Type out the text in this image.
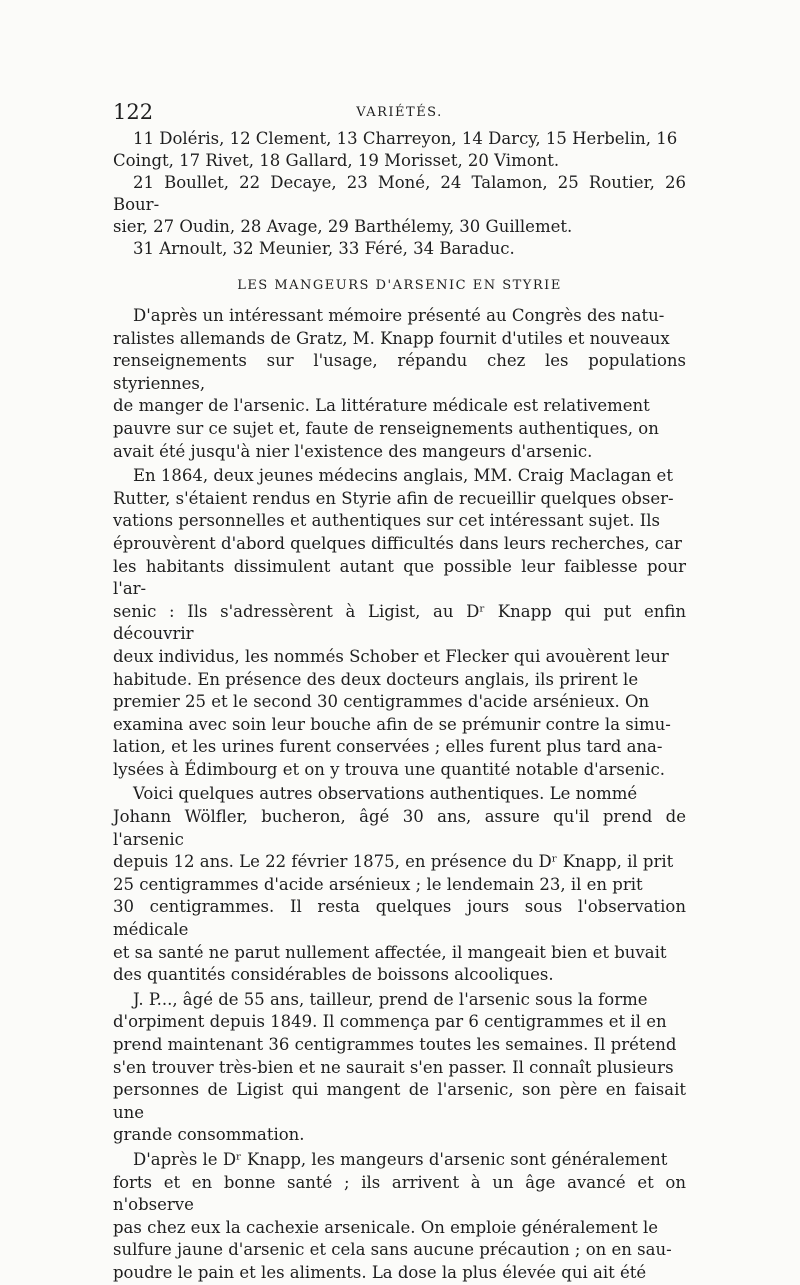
122	VARIÉTÉS.
11 Doléris, 12 Clement, 13 Charreyon, 14 Darcy, 15 Herbelin, 16
Coingt, 17 Rivet, 18 Gallard, 19 Morisset, 20 Vimont.
21 Boullet, 22 Decaye, 23 Moné, 24 Talamon, 25 Routier, 26 Bour-
sier, 27 Oudin, 28 Avage, 29 Barthélemy, 30 Guillemet.
31 Arnoult, 32 Meunier, 33 Féré, 34 Baraduc.
LES MANGEURS D'ARSENIC EN STYRIE

D'après un intéressant mémoire présenté au Congrès des natu-
ralistes allemands de Gratz, M. Knapp fournit d'utiles et nouveaux
renseignements sur l'usage, répandu chez les populations styriennes,
de manger de l'arsenic. La littérature médicale est relativement
pauvre sur ce sujet et, faute de renseignements authentiques, on
avait été jusqu'à nier l'existence des mangeurs d'arsenic.

En 1864, deux jeunes médecins anglais, MM. Craig Maclagan et
Rutter, s'étaient rendus en Styrie afin de recueillir quelques obser-
vations personnelles et authentiques sur cet intéressant sujet. Ils
éprouvèrent d'abord quelques difficultés dans leurs recherches, car
les habitants dissimulent autant que possible leur faiblesse pour l'ar-
senic : Ils s'adressèrent à Ligist, au Dʳ Knapp qui put enfin découvrir
deux individus, les nommés Schober et Flecker qui avouèrent leur
habitude. En présence des deux docteurs anglais, ils prirent le
premier 25 et le second 30 centigrammes d'acide arsénieux. On
examina avec soin leur bouche afin de se prémunir contre la simu-
lation, et les urines furent conservées ; elles furent plus tard ana-
lysées à Édimbourg et on y trouva une quantité notable d'arsenic.

Voici quelques autres observations authentiques. Le nommé
Johann Wölfler, bucheron, âgé 30 ans, assure qu'il prend de l'arsenic
depuis 12 ans. Le 22 février 1875, en présence du Dʳ Knapp, il prit
25 centigrammes d'acide arsénieux ; le lendemain 23, il en prit
30 centigrammes. Il resta quelques jours sous l'observation médicale
et sa santé ne parut nullement affectée, il mangeait bien et buvait
des quantités considérables de boissons alcooliques.

J. P..., âgé de 55 ans, tailleur, prend de l'arsenic sous la forme
d'orpiment depuis 1849. Il commença par 6 centigrammes et il en
prend maintenant 36 centigrammes toutes les semaines. Il prétend
s'en trouver très-bien et ne saurait s'en passer. Il connaît plusieurs
personnes de Ligist qui mangent de l'arsenic, son père en faisait une
grande consommation.

D'après le Dʳ Knapp, les mangeurs d'arsenic sont généralement
forts et en bonne santé ; ils arrivent à un âge avancé et on n'observe
pas chez eux la cachexie arsenicale. On emploie généralement le
sulfure jaune d'arsenic et cela sans aucune précaution ; on en sau-
poudre le pain et les aliments. La dose la plus élevée qui ait été
